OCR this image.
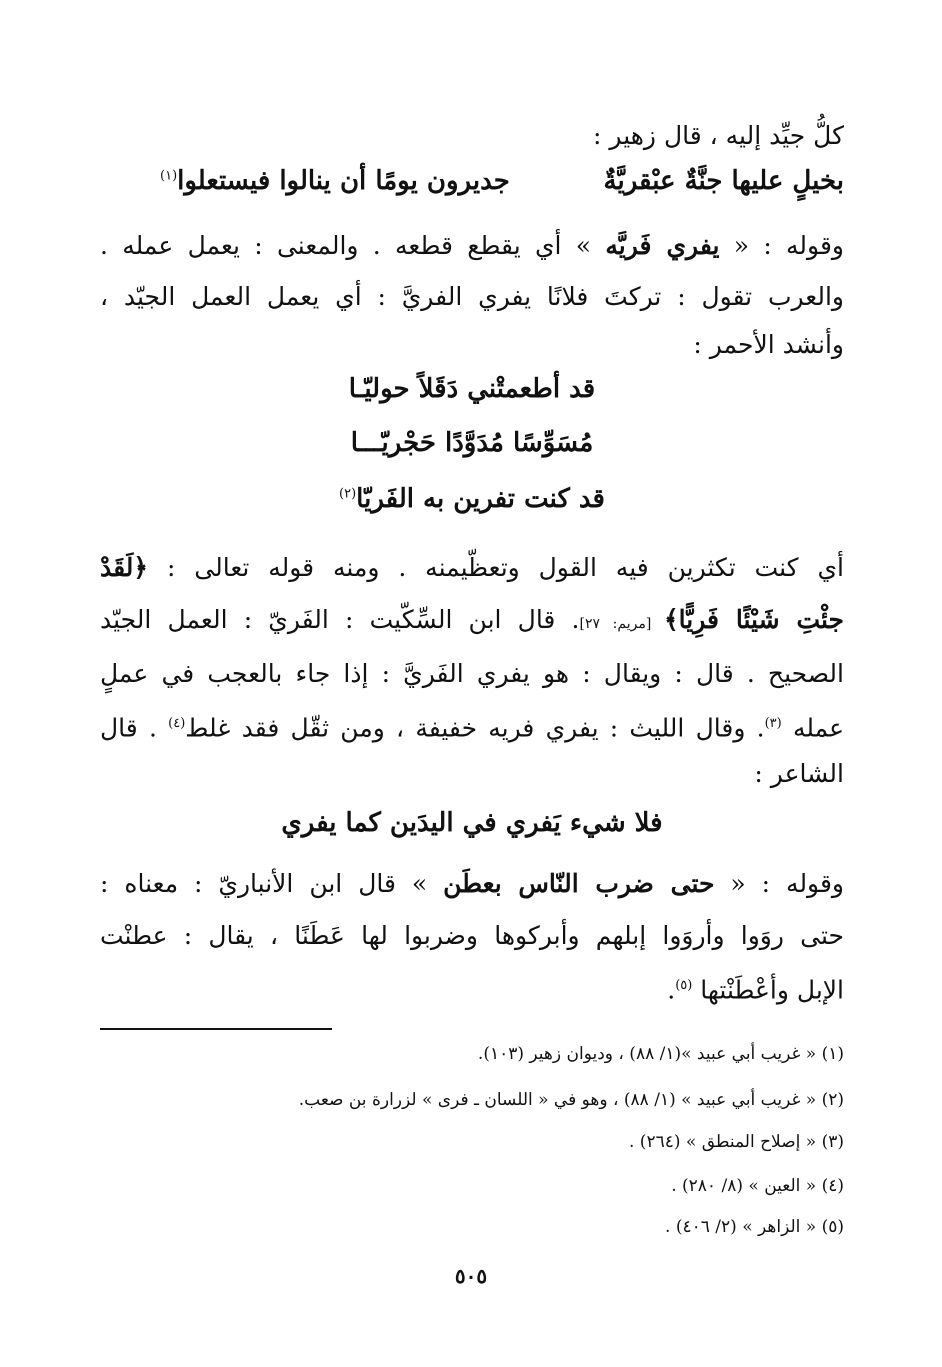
كلُّ جيِّد إليه ، قال زهير :
بخيلٍ عليها جنَّةٌ عبْقريَّةٌ
جديرون يومًا أن ينالوا فيستعلوا$^{(١)}$
وقوله : « يفري فَريَّه » أي يقطع قطعه . والمعنى : يعمل عمله .
والعرب تقول : تركتَ فلانًا يفري الفريَّ : أي يعمل العمل الجيّد ،
وأنشد الأحمر :
قد أطعمتْني دَقَلاً حوليّـا
مُسَوِّسًا مُدَوَّدًا حَجْريّـــا
قد كنت تفرين به الفَريّا$^{(٢)}$
أي كنت تكثرين فيه القول وتعظّيمنه . ومنه قوله تعالى : ﴿لَقَدْ
جئْتِ شَيْئًا فَرِيًّا﴾ [مريم: ٢٧]. قال ابن السِّكّيت : الفَريّ : العمل الجيّد
الصحيح . قال : ويقال : هو يفري الفَريَّ : إذا جاء بالعجب في عملٍ
عمله $^{(٣)}$. وقال الليث : يفري فريه خفيفة ، ومن ثقّل فقد غلط$^{(٤)}$ . قال
الشاعر :
فلا شيء يَفري في اليدَين كما يفري
وقوله : « حتى ضرب النّاس بعطَن » قال ابن الأنباريّ : معناه :
حتى روَوا وأروَوا إبلهم وأبركوها وضربوا لها عَطَنًا ، يقال : عطنْت
الإبل وأعْطَنْتها $^{(٥)}$.
(١) « غريب أبي عبيد »(١/ ٨٨) ، وديوان زهير (١٠٣).
(٢) « غريب أبي عبيد » (١/ ٨٨) ، وهو في « اللسان ـ فرى » لزرارة بن صعب.
(٣) « إصلاح المنطق » (٢٦٤) .
(٤) « العين » (٨/ ٢٨٠) .
(٥) « الزاهر » (٢/ ٤٠٦) .
٥٠٥
